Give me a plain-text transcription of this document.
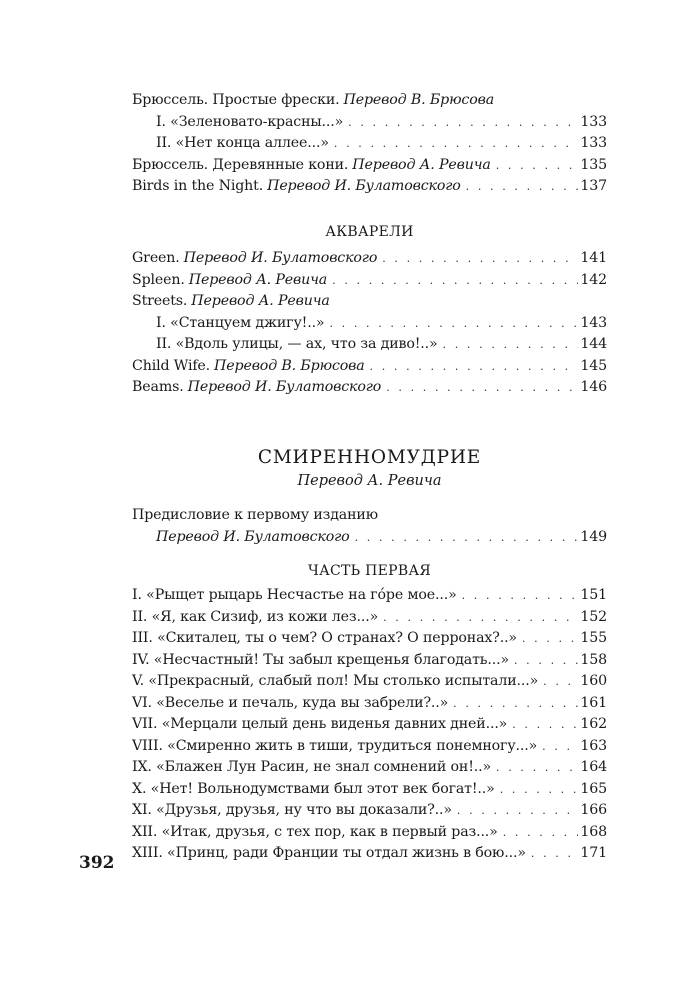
Брюссель. Простые фрески. Перевод В. Брюсова
I. «Зеленовато-красны...» . . .	133
II. «Нет конца аллее...» . . .	133
Брюссель. Деревянные кони. Перевод А. Ревича . . .	135
Birds in the Night. Перевод И. Булатовского . . .	137
АКВАРЕЛИ
Green. Перевод И. Булатовского . . .	141
Spleen. Перевод А. Ревича . . .	142
Streets. Перевод А. Ревича
I. «Станцуем джигу!..» . . .	143
II. «Вдоль улицы, — ах, что за диво!..» . . .	144
Child Wife. Перевод В. Брюсова . . .	145
Beams. Перевод И. Булатовского . . .	146
СМИРЕННОМУДРИЕ
Перевод А. Ревича
Предисловие к первому изданию
Перевод И. Булатовского . . .	149
ЧАСТЬ ПЕРВАЯ
I. «Рыщет рыцарь Несчастье на гóре мое...» . . .	151
II. «Я, как Сизиф, из кожи лез...» . . .	152
III. «Скиталец, ты о чем? О странах? О перронах?..» . . .	155
IV. «Несчастный! Ты забыл крещенья благодать...» . . .	158
V. «Прекрасный, слабый пол! Мы столько испытали...» . . .	160
VI. «Веселье и печаль, куда вы забрели?..» . . .	161
VII. «Мерцали целый день виденья давних дней...» . . .	162
VIII. «Смиренно жить в тиши, трудиться понемногу...» . . .	163
IX. «Блажен Лун Расин, не знал сомнений он!..» . . .	164
X. «Нет! Вольнодумствами был этот век богат!..» . . .	165
XI. «Друзья, друзья, ну что вы доказали?..» . . .	166
XII. «Итак, друзья, с тех пор, как в первый раз...» . . .	168
XIII. «Принц, ради Франции ты отдал жизнь в бою...» . . .	171
392
